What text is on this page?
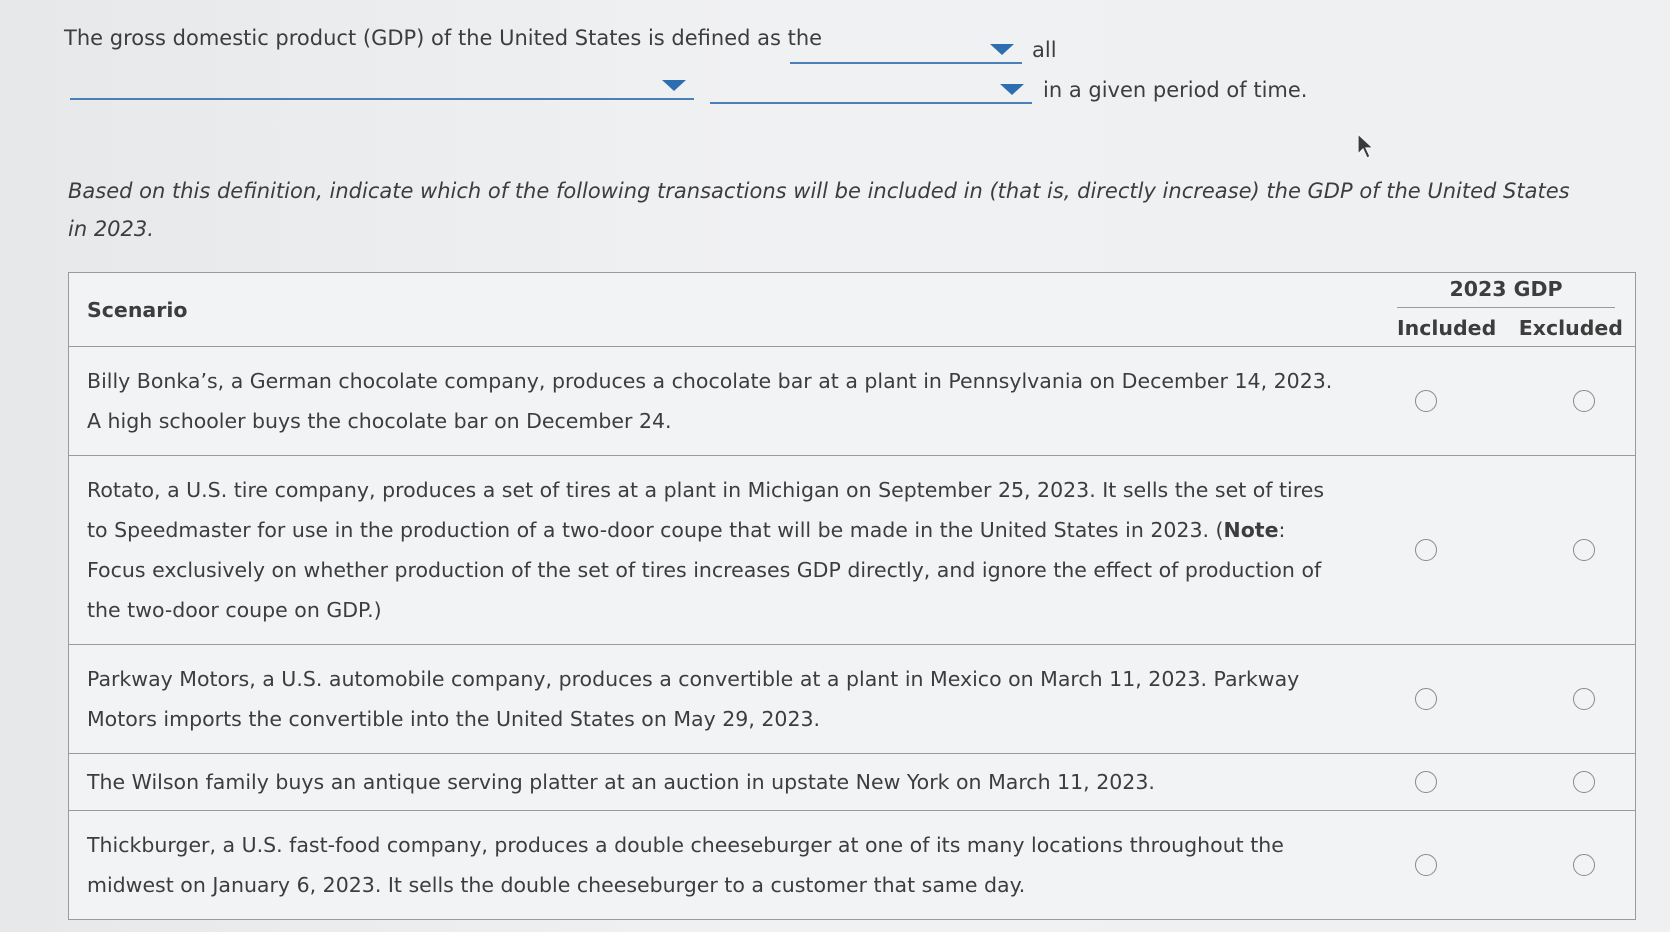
The gross domestic product (GDP) of the United States is defined as the	all
in a given period of time.
Based on this definition, indicate which of the following transactions will be included in (that is, directly increase) the GDP of the United States in 2023.
Scenario	2023 GDP
Included Excluded

Billy Bonka’s, a German chocolate company, produces a chocolate bar at a plant in Pennsylvania on December 14, 2023. A high schooler buys the chocolate bar on December 24.	

Rotato, a U.S. tire company, produces a set of tires at a plant in Michigan on September 25, 2023. It sells the set of tires to Speedmaster for use in the production of a two-door coupe that will be made in the United States in 2023. (Note: Focus exclusively on whether production of the set of tires increases GDP directly, and ignore the effect of production of the two-door coupe on GDP.)	

Parkway Motors, a U.S. automobile company, produces a convertible at a plant in Mexico on March 11, 2023. Parkway Motors imports the convertible into the United States on May 29, 2023.	

The Wilson family buys an antique serving platter at an auction in upstate New York on March 11, 2023.	

Thickburger, a U.S. fast-food company, produces a double cheeseburger at one of its many locations throughout the midwest on January 6, 2023. It sells the double cheeseburger to a customer that same day.	
